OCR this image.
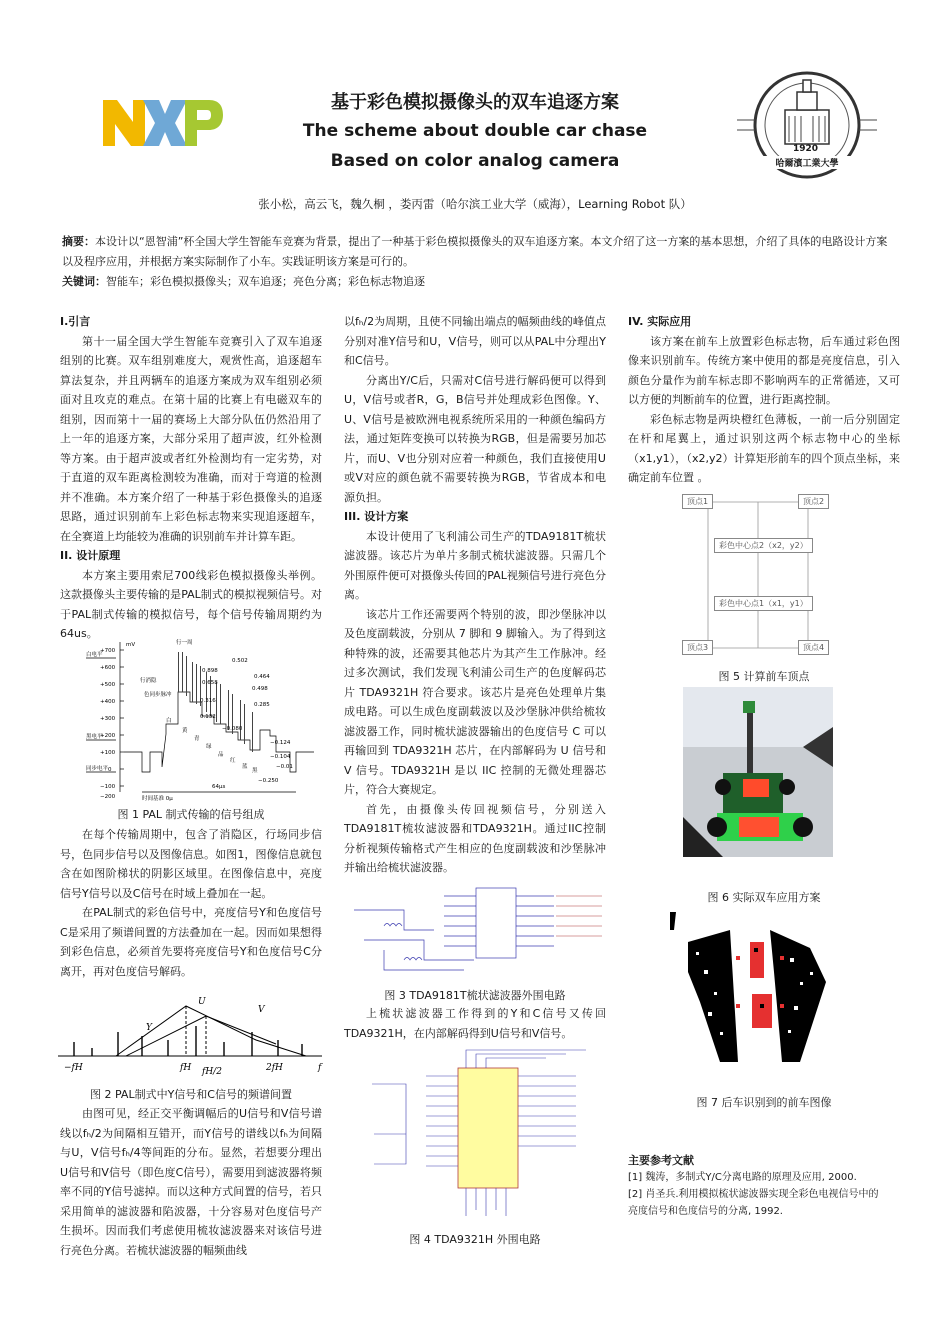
1920
哈爾濱工業大學
基于彩色模拟摄像头的双车追逐方案
The scheme about double car chase
Based on color analog camera
张小松，高云飞，魏久桐 ，娄丙雷（哈尔滨工业大学（威海），Learning Robot 队）
摘要：本设计以“恩智浦”杯全国大学生智能车竞赛为背景，提出了一种基于彩色模拟摄像头的双车追逐方案。本文介绍了这一方案的基本思想，介绍了具体的电路设计方案以及程序应用，并根据方案实际制作了小车。实践证明该方案是可行的。
关键词：智能车；彩色模拟摄像头；双车追逐；亮色分离；彩色标志物追逐
I.引言

第十一届全国大学生智能车竞赛引入了双车追逐组别的比赛。双车组别难度大，观赏性高，追逐超车算法复杂，并且两辆车的追逐方案成为双车组别必须面对且攻克的难点。在第十届的比赛上有电磁双车的组别，因而第十一届的赛场上大部分队伍仍然沿用了上一年的追逐方案，大部分采用了超声波，红外检测等方案。由于超声波或者红外检测均有一定劣势，对于直道的双车距离检测较为准确，而对于弯道的检测并不准确。本方案介绍了一种基于彩色摄像头的追逐思路，通过识别前车上彩色标志物来实现追逐超车，在全赛道上均能较为准确的识别前车并计算车距。

II. 设计原理

本方案主要用索尼700线彩色模拟摄像头举例。这款摄像头主要传输的是PAL制式的模拟视频信号。对于PAL制式传输的模拟信号，每个信号传输周期约为64us。

mV
+700
+600
+500
+400
+300
+200
+100
0
−100
−200
白电平
黑电平
同步电平
行一周
行消隐
色同步脉冲
时间基准 0μ
64μs
黄
青
绿
品
红
蓝
白
黑
0.502
0.898
0.464
0.658
0.316
0.498
0.132
0.285
−0.080
−0.250
−0.124
−0.104
−0.01
图 1 PAL 制式传输的信号组成

在每个传输周期中，包含了消隐区，行场同步信号，色同步信号以及图像信息。如图1，图像信息就包含在如图阶梯状的阴影区域里。在图像信息中，亮度信号Y信号以及C信号在时域上叠加在一起。

在PAL制式的彩色信号中，亮度信号Y和色度信号C是采用了频谱间置的方法叠加在一起。因而如果想得到彩色信息，必须首先要将亮度信号Y和色度信号C分离开，再对色度信号解码。

Y
U
V
f
−fH	fH	2fH
fH/2
图 2 PAL制式中Y信号和C信号的频谱间置

由图可见，经正交平衡调幅后的U信号和V信号谱线以fₕ/2为间隔相互错开，而Y信号的谱线以fₕ为间隔与U，V信号fₕ/4等间距的分布。显然，若想要分理出U信号和V信号（即色度C信号），需要用到滤波器将频率不同的Y信号滤掉。而以这种方式间置的信号，若只采用简单的滤波器和陷波器，十分容易对色度信号产生损坏。因而我们考虑使用梳妆滤波器来对该信号进行亮色分离。若梳状滤波器的幅频曲线

以fₕ/2为周期，且使不同输出端点的幅频曲线的峰值点分别对准Y信号和U，V信号，则可以从PAL中分理出Y和C信号。

分离出Y/C后，只需对C信号进行解码便可以得到U，V信号或者R，G，B信号并处理成彩色图像。Y、U、V信号是被欧洲电视系统所采用的一种颜色编码方法，通过矩阵变换可以转换为RGB，但是需要另加芯片，而U、V也分别对应着一种颜色，我们直接使用U或V对应的颜色就不需要转换为RGB，节省成本和电源负担。

III. 设计方案

本设计使用了飞利浦公司生产的TDA9181T梳状滤波器。该芯片为单片多制式梳状滤波器。只需几个外围原件便可对摄像头传回的PAL视频信号进行亮色分离。

该芯片工作还需要两个特别的波，即沙堡脉冲以及色度副载波，分别从 7 脚和 9 脚输入。为了得到这种特殊的波，还需要其他芯片为其产生工作脉冲。经过多次测试，我们发现飞利浦公司生产的色度解码芯片 TDA9321H 符合要求。该芯片是亮色处理单片集成电路。可以生成色度副载波以及沙堡脉冲供给梳妆滤波器工作，同时梳状滤波器输出的色度信号 C 可以再输回到 TDA9321H 芯片，在内部解码为 U 信号和 V 信号。TDA9321H 是以 IIC 控制的无微处理器芯片，符合大赛规定。

首先，由摄像头传回视频信号，分别送入TDA9181T梳妆滤波器和TDA9321H。通过IIC控制分析视频传输格式产生相应的色度副载波和沙堡脉冲并输出给梳状滤波器。

图 3 TDA9181T梳状滤波器外围电路

上梳状滤波器工作得到的Y和C信号又传回TDA9321H，在内部解码得到U信号和V信号。

图 4 TDA9321H 外围电路
IV. 实际应用

该方案在前车上放置彩色标志物，后车通过彩色图像来识别前车。传统方案中使用的都是亮度信息，引入颜色分量作为前车标志即不影响两车的正常循迹，又可以方便的判断前车的位置，进行距离控制。

彩色标志物是两块橙红色薄板，一前一后分别固定在杆和尾翼上，通过识别这两个标志物中心的坐标（x1,y1），（x2,y2）计算矩形前车的四个顶点坐标，来确定前车位置 。

顶点1	顶点2
彩色中心点2（x2，y2）
彩色中心点1（x1，y1）
顶点3	顶点4
图 5 计算前车顶点
图 6 实际双车应用方案
图 7 后车识别到的前车图像
主要参考文献
[1] 魏涛，多制式Y/C分离电路的原理及应用, 2000.
[2] 肖圣兵.利用模拟梳状滤波器实现全彩色电视信号中的亮度信号和色度信号的分离, 1992.
